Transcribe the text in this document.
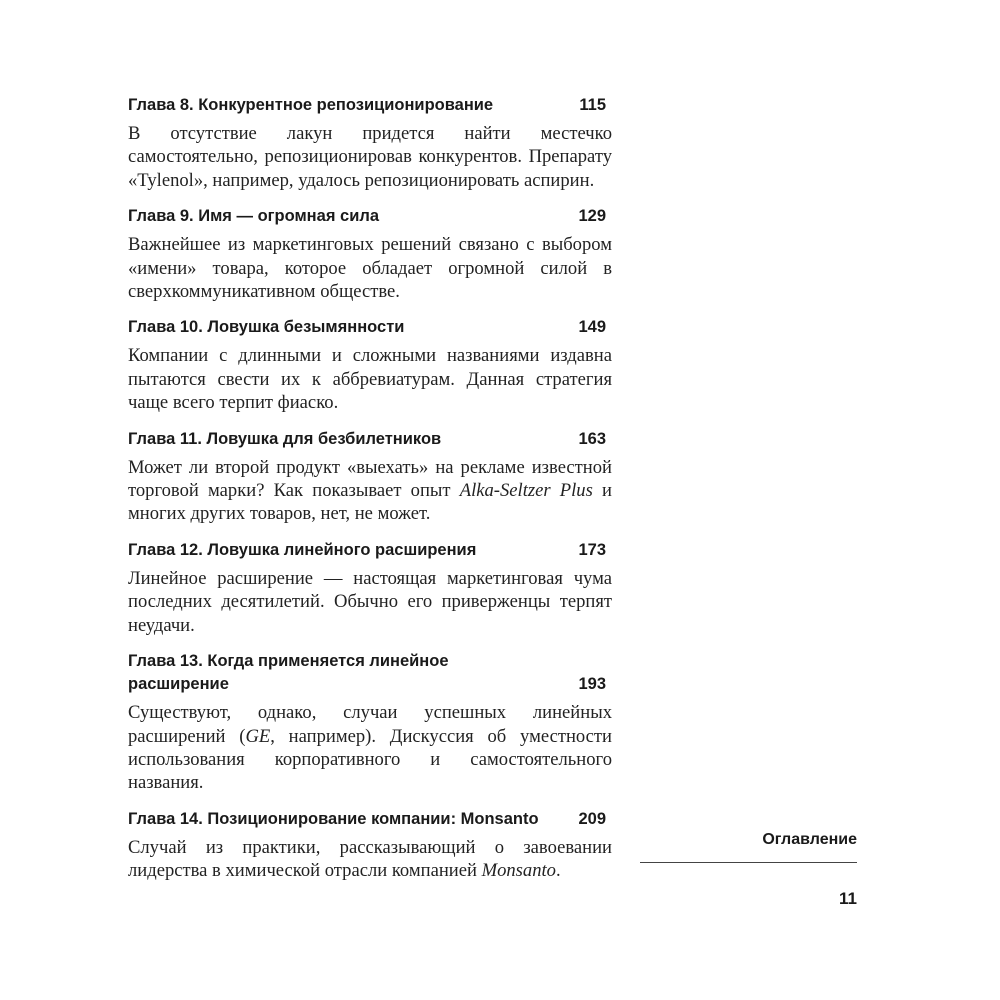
Глава 8. Конкурентное репозиционирование	115

В отсутствие лакун придется найти местечко самостоятельно, репозиционировав конкурентов. Препарату «Tylenol», например, удалось репозиционировать аспирин.

Глава 9. Имя — огромная сила	129

Важнейшее из маркетинговых решений связано с выбором «имени» товара, которое обладает огромной силой в сверхкоммуникативном обществе.

Глава 10. Ловушка безымянности	149

Компании с длинными и сложными названиями издавна пытаются свести их к аббревиатурам. Данная стратегия чаще всего терпит фиаско.

Глава 11. Ловушка для безбилетников	163

Может ли второй продукт «выехать» на рекламе известной торговой марки? Как показывает опыт Alka-Seltzer Plus и многих других товаров, нет, не может.

Глава 12. Ловушка линейного расширения	173

Линейное расширение — настоящая маркетинговая чума последних десятилетий. Обычно его приверженцы терпят неудачи.

Глава 13. Когда применяется линейное расширение	193

Существуют, однако, случаи успешных линейных расширений (GE, например). Дискуссия об уместности использования корпоративного и самостоятельного названия.

Глава 14. Позиционирование компании: Monsanto 209

Случай из практики, рассказывающий о завоевании лидерства в химической отрасли компанией Monsanto.

Оглавление
11
